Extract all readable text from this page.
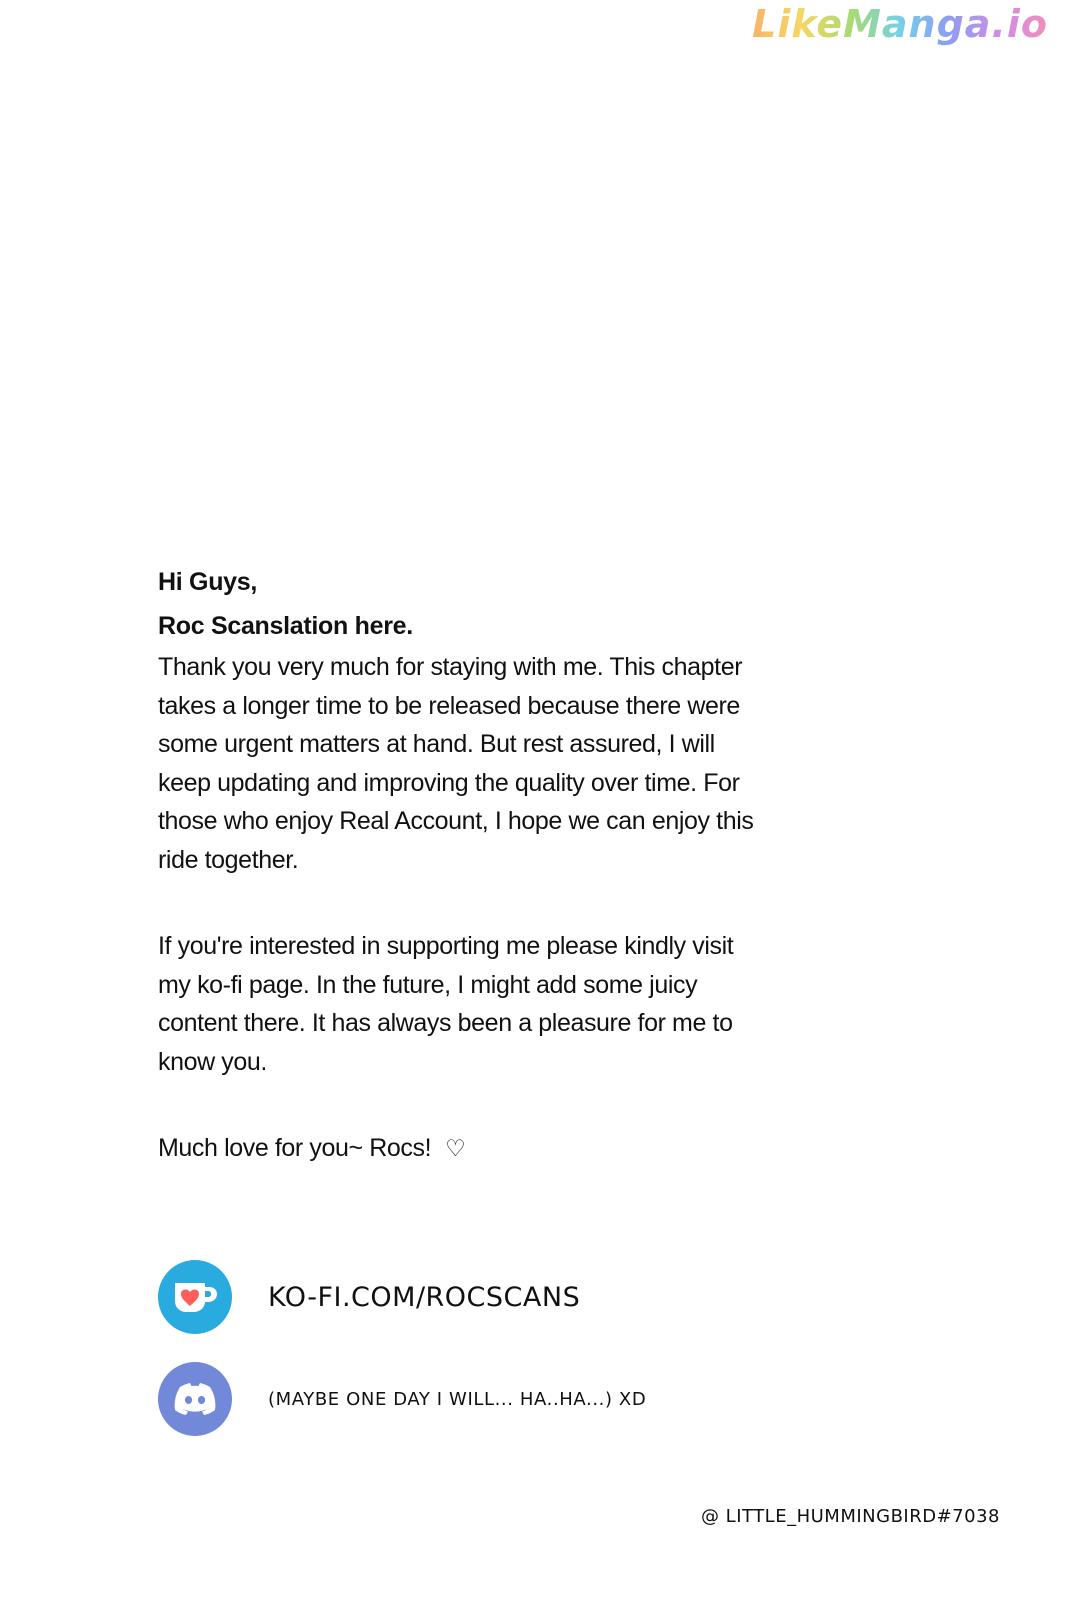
LikeManga.io

Hi Guys,

Roc Scanslation here.

Thank you very much for staying with me. This chapter takes a longer time to be released because there were some urgent matters at hand. But rest assured, I will keep updating and improving the quality over time. For those who enjoy Real Account, I hope we can enjoy this ride together.

If you're interested in supporting me please kindly visit my ko-fi page. In the future, I might add some juicy content there. It has always been a pleasure for me to know you.

Much love for you~ Rocs! ♡
KO-FI.COM/ROCSCANS
(MAYBE ONE DAY I WILL... HA..HA...) XD
@ LITTLE_HUMMINGBIRD#7038
